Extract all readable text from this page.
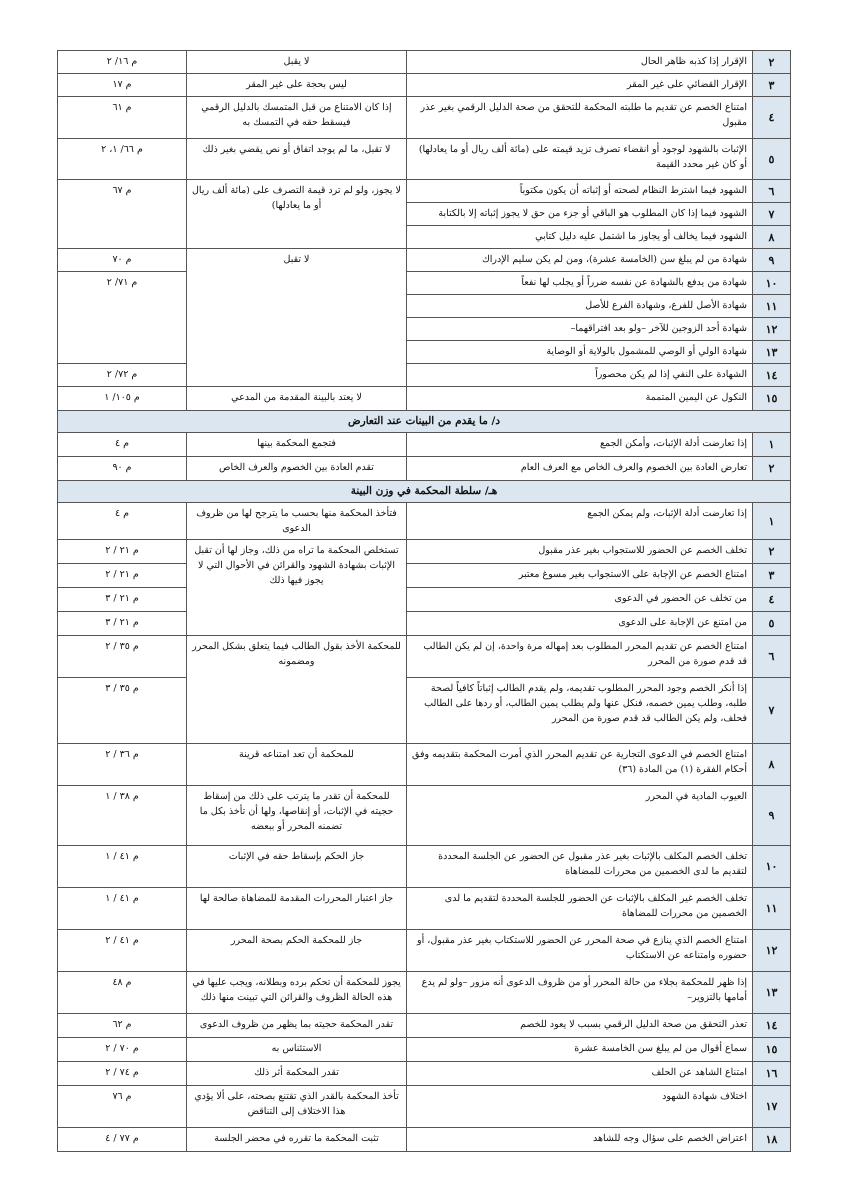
٢	الإقرار إذا كذبه ظاهر الحال	لا يقبل	م ١٦/ ٢
٣	الإقرار القضائي على غير المقر	ليس بحجة على غير المقر	م ١٧
٤	امتناع الخصم عن تقديم ما طلبته المحكمة للتحقق من صحة الدليل الرقمي بغير عذر مقبول	إذا كان الامتناع من قبل المتمسك بالدليل الرقمي فيسقط حقه في التمسك به	م ٦١
٥	الإثبات بالشهود لوجود أو انقضاء تصرف تزيد قيمته على (مائة ألف ريال أو ما يعادلها) أو كان غير محدد القيمة	لا تقبل، ما لم يوجد اتفاق أو نص يقضي بغير ذلك	م ٦٦/ ١، ٢
٦	الشهود فيما اشترط النظام لصحته أو إثباته أن يكون مكتوباً	لا يجوز، ولو لم ترد قيمة التصرف على (مائة ألف ريال أو ما يعادلها)	م ٦٧
٧	الشهود فيما إذا كان المطلوب هو الباقي أو جزء من حق لا يجوز إثباته إلا بالكتابة		
٨	الشهود فيما يخالف أو يجاوز ما اشتمل عليه دليل كتابي		
٩	شهادة من لم يبلغ سن (الخامسة عشرة)، ومن لم يكن سليم الإدراك	لا تقبل	م ٧٠
١٠	شهادة من يدفع بالشهادة عن نفسه ضرراً أو يجلب لها نفعاً		م ٧١/ ٢
١١	شهادة الأصل للفرع، وشهادة الفرع للأصل		
١٢	شهادة أحد الزوجين للآخر –ولو بعد افتراقهما–		
١٣	شهادة الولي أو الوصي للمشمول بالولاية أو الوصاية		
١٤	الشهادة على النفي إذا لم يكن محصوراً		م ٧٢/ ٢
١٥	النكول عن اليمين المتممة	لا يعتد بالبينة المقدمة من المدعي	م ١٠٥/ ١
د/ ما يقدم من البينات عند التعارض			
١	إذا تعارضت أدلة الإثبات، وأمكن الجمع	فتجمع المحكمة بينها	م ٤
٢	تعارض العادة بين الخصوم والعرف الخاص مع العرف العام	تقدم العادة بين الخصوم والعرف الخاص	م ٩٠
هـ/ سلطة المحكمة في وزن البينة			
١	إذا تعارضت أدلة الإثبات، ولم يمكن الجمع	فتأخذ المحكمة منها بحسب ما يترجح لها من ظروف الدعوى	م ٤
٢	تخلف الخصم عن الحضور للاستجواب بغير عذر مقبول	تستخلص المحكمة ما تراه من ذلك، وجاز لها أن تقبل الإثبات بشهادة الشهود والقرائن في الأحوال التي لا يجوز فيها ذلك	م ٢١ / ٢
٣	امتناع الخصم عن الإجابة على الاستجواب بغير مسوغ معتبر		م ٢١ / ٢
٤	من تخلف عن الحضور في الدعوى		م ٢١ / ٣
٥	من امتنع عن الإجابة على الدعوى		م ٢١ / ٣
٦	امتناع الخصم عن تقديم المحرر المطلوب بعد إمهاله مرة واحدة، إن لم يكن الطالب قد قدم صورة من المحرر	للمحكمة الأخذ بقول الطالب فيما يتعلق بشكل المحرر ومضمونه	م ٣٥ / ٢
٧	إذا أنكر الخصم وجود المحرر المطلوب تقديمه، ولم يقدم الطالب إثباتاً كافياً لصحة طلبه، وطلب يمين خصمه، فنكل عنها ولم يطلب يمين الطالب، أو ردها على الطالب فحلف، ولم يكن الطالب قد قدم صورة من المحرر		م ٣٥ / ٣
٨	امتناع الخصم في الدعوى التجارية عن تقديم المحرر الذي أمرت المحكمة بتقديمه وفق أحكام الفقرة (١) من المادة (٣٦)	للمحكمة أن تعد امتناعه قرينة	م ٣٦ / ٢
٩	العيوب المادية في المحرر	للمحكمة أن تقدر ما يترتب على ذلك من إسقاط حجيته في الإثبات، أو إنقاصها، ولها أن تأخذ بكل ما تضمنه المحرر أو ببعضه	م ٣٨ / ١
١٠	تخلف الخصم المكلف بالإثبات بغير عذر مقبول عن الحضور عن الجلسة المحددة لتقديم ما لدى الخصمين من محررات للمضاهاة	جاز الحكم بإسقاط حقه في الإثبات	م ٤١ / ١
١١	تخلف الخصم غير المكلف بالإثبات عن الحضور للجلسة المحددة لتقديم ما لدى الخصمين من محررات للمضاهاة	جاز اعتبار المحررات المقدمة للمضاهاة صالحة لها	م ٤١ / ١
١٢	امتناع الخصم الذي ينازع في صحة المحرر عن الحضور للاستكتاب بغير عذر مقبول، أو حضوره وامتناعه عن الاستكتاب	جاز للمحكمة الحكم بصحة المحرر	م ٤١ / ٢
١٣	إذا ظهر للمحكمة بجلاء من حالة المحرر أو من ظروف الدعوى أنه مزور –ولو لم يدع أمامها بالتزوير–	يجوز للمحكمة أن تحكم برده وبطلانه، ويجب عليها في هذه الحالة الظروف والقرائن التي تبينت منها ذلك	م ٤٨
١٤	تعذر التحقق من صحة الدليل الرقمي بسبب لا يعود للخصم	تقدر المحكمة حجيته بما يظهر من ظروف الدعوى	م ٦٢
١٥	سماع أقوال من لم يبلغ سن الخامسة عشرة	الاستئناس به	م ٧٠ / ٢
١٦	امتناع الشاهد عن الحلف	تقدر المحكمة أثر ذلك	م ٧٤ / ٢
١٧	اختلاف شهادة الشهود	تأخذ المحكمة بالقدر الذي تقتنع بصحته، على ألا يؤدي هذا الاختلاف إلى التناقض	م ٧٦
١٨	اعتراض الخصم على سؤال وجه للشاهد	تثبت المحكمة ما تقرره في محضر الجلسة	م ٧٧ / ٤
